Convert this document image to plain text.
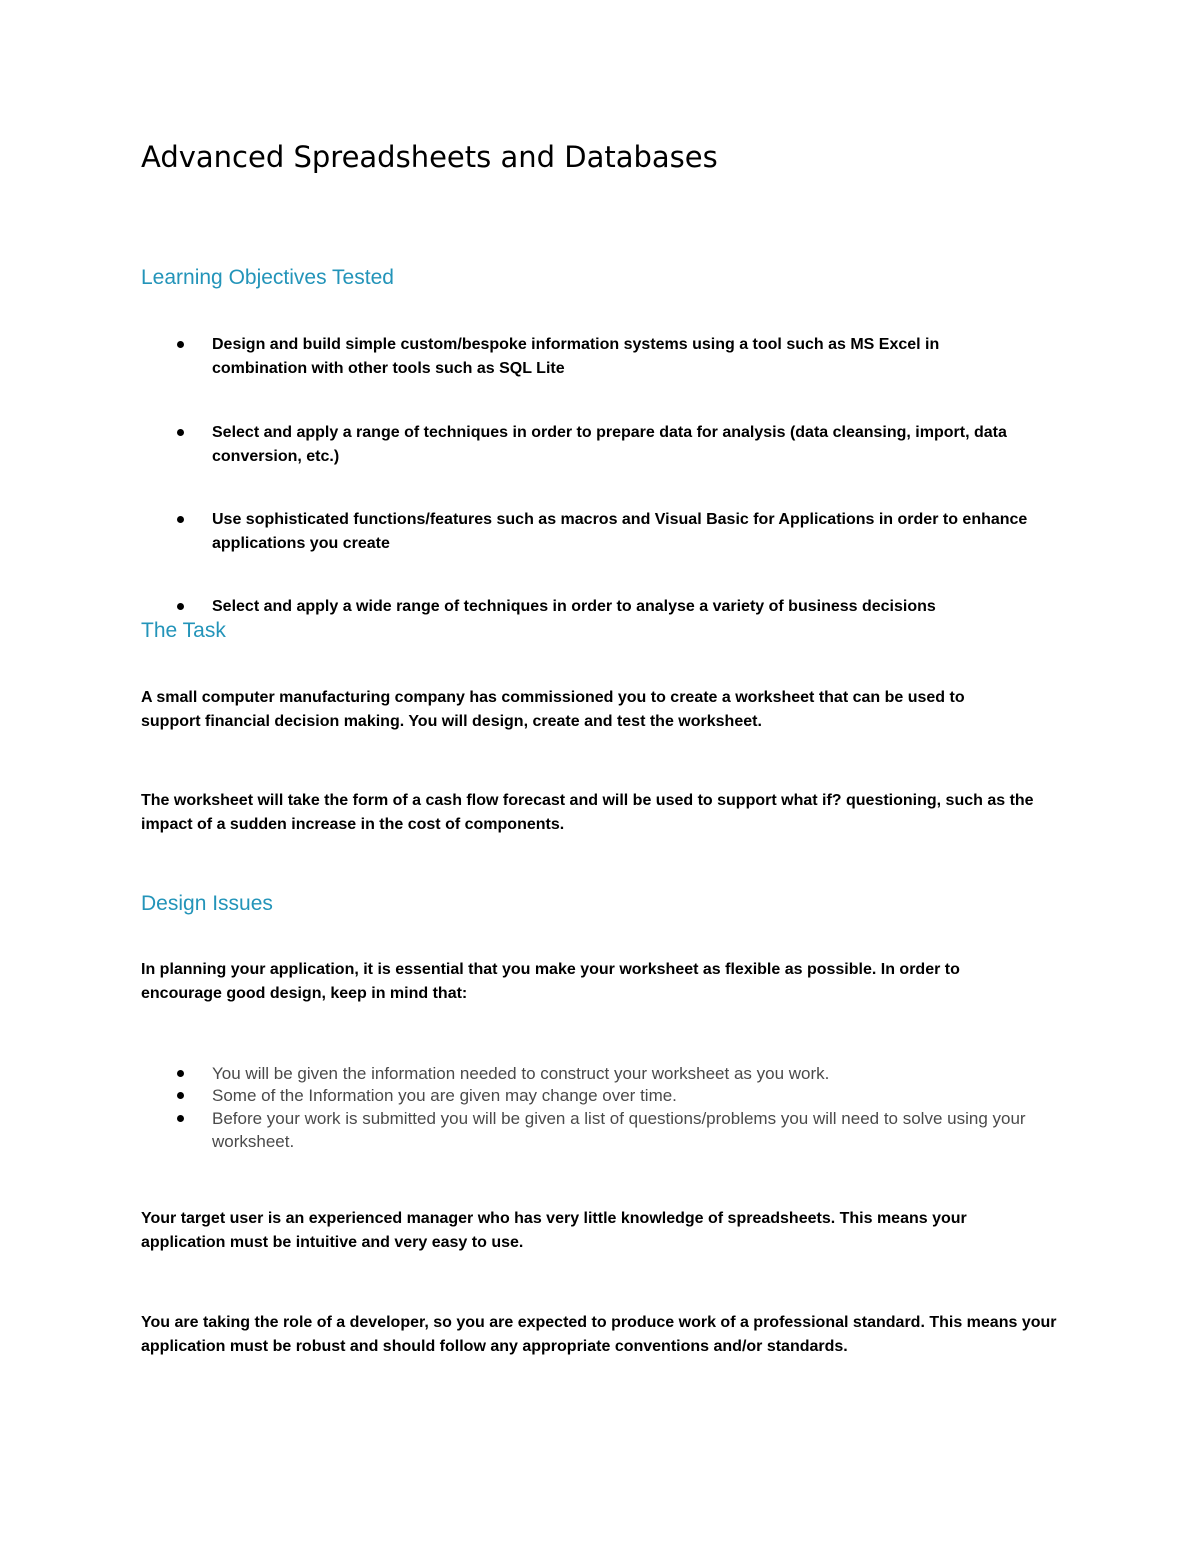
Advanced Spreadsheets and Databases
Learning Objectives Tested

Design and build simple custom/bespoke information systems using a tool such as MS Excel in combination with other tools such as SQL Lite

Select and apply a range of techniques in order to prepare data for analysis (data cleansing, import, data conversion, etc.)

Use sophisticated functions/features such as macros and Visual Basic for Applications in order to enhance applications you create

Select and apply a wide range of techniques in order to analyse a variety of business decisions

The Task

A small computer manufacturing company has commissioned you to create a worksheet that can be used to support financial decision making. You will design, create and test the worksheet.

The worksheet will take the form of a cash flow forecast and will be used to support what if? questioning, such as the impact of a sudden increase in the cost of components.

Design Issues

In planning your application, it is essential that you make your worksheet as flexible as possible. In order to encourage good design, keep in mind that:

You will be given the information needed to construct your worksheet as you work.

Some of the Information you are given may change over time.

Before your work is submitted you will be given a list of questions/problems you will need to solve using your worksheet.

Your target user is an experienced manager who has very little knowledge of spreadsheets. This means your application must be intuitive and very easy to use.

You are taking the role of a developer, so you are expected to produce work of a professional standard. This means your application must be robust and should follow any appropriate conventions and/or standards.
